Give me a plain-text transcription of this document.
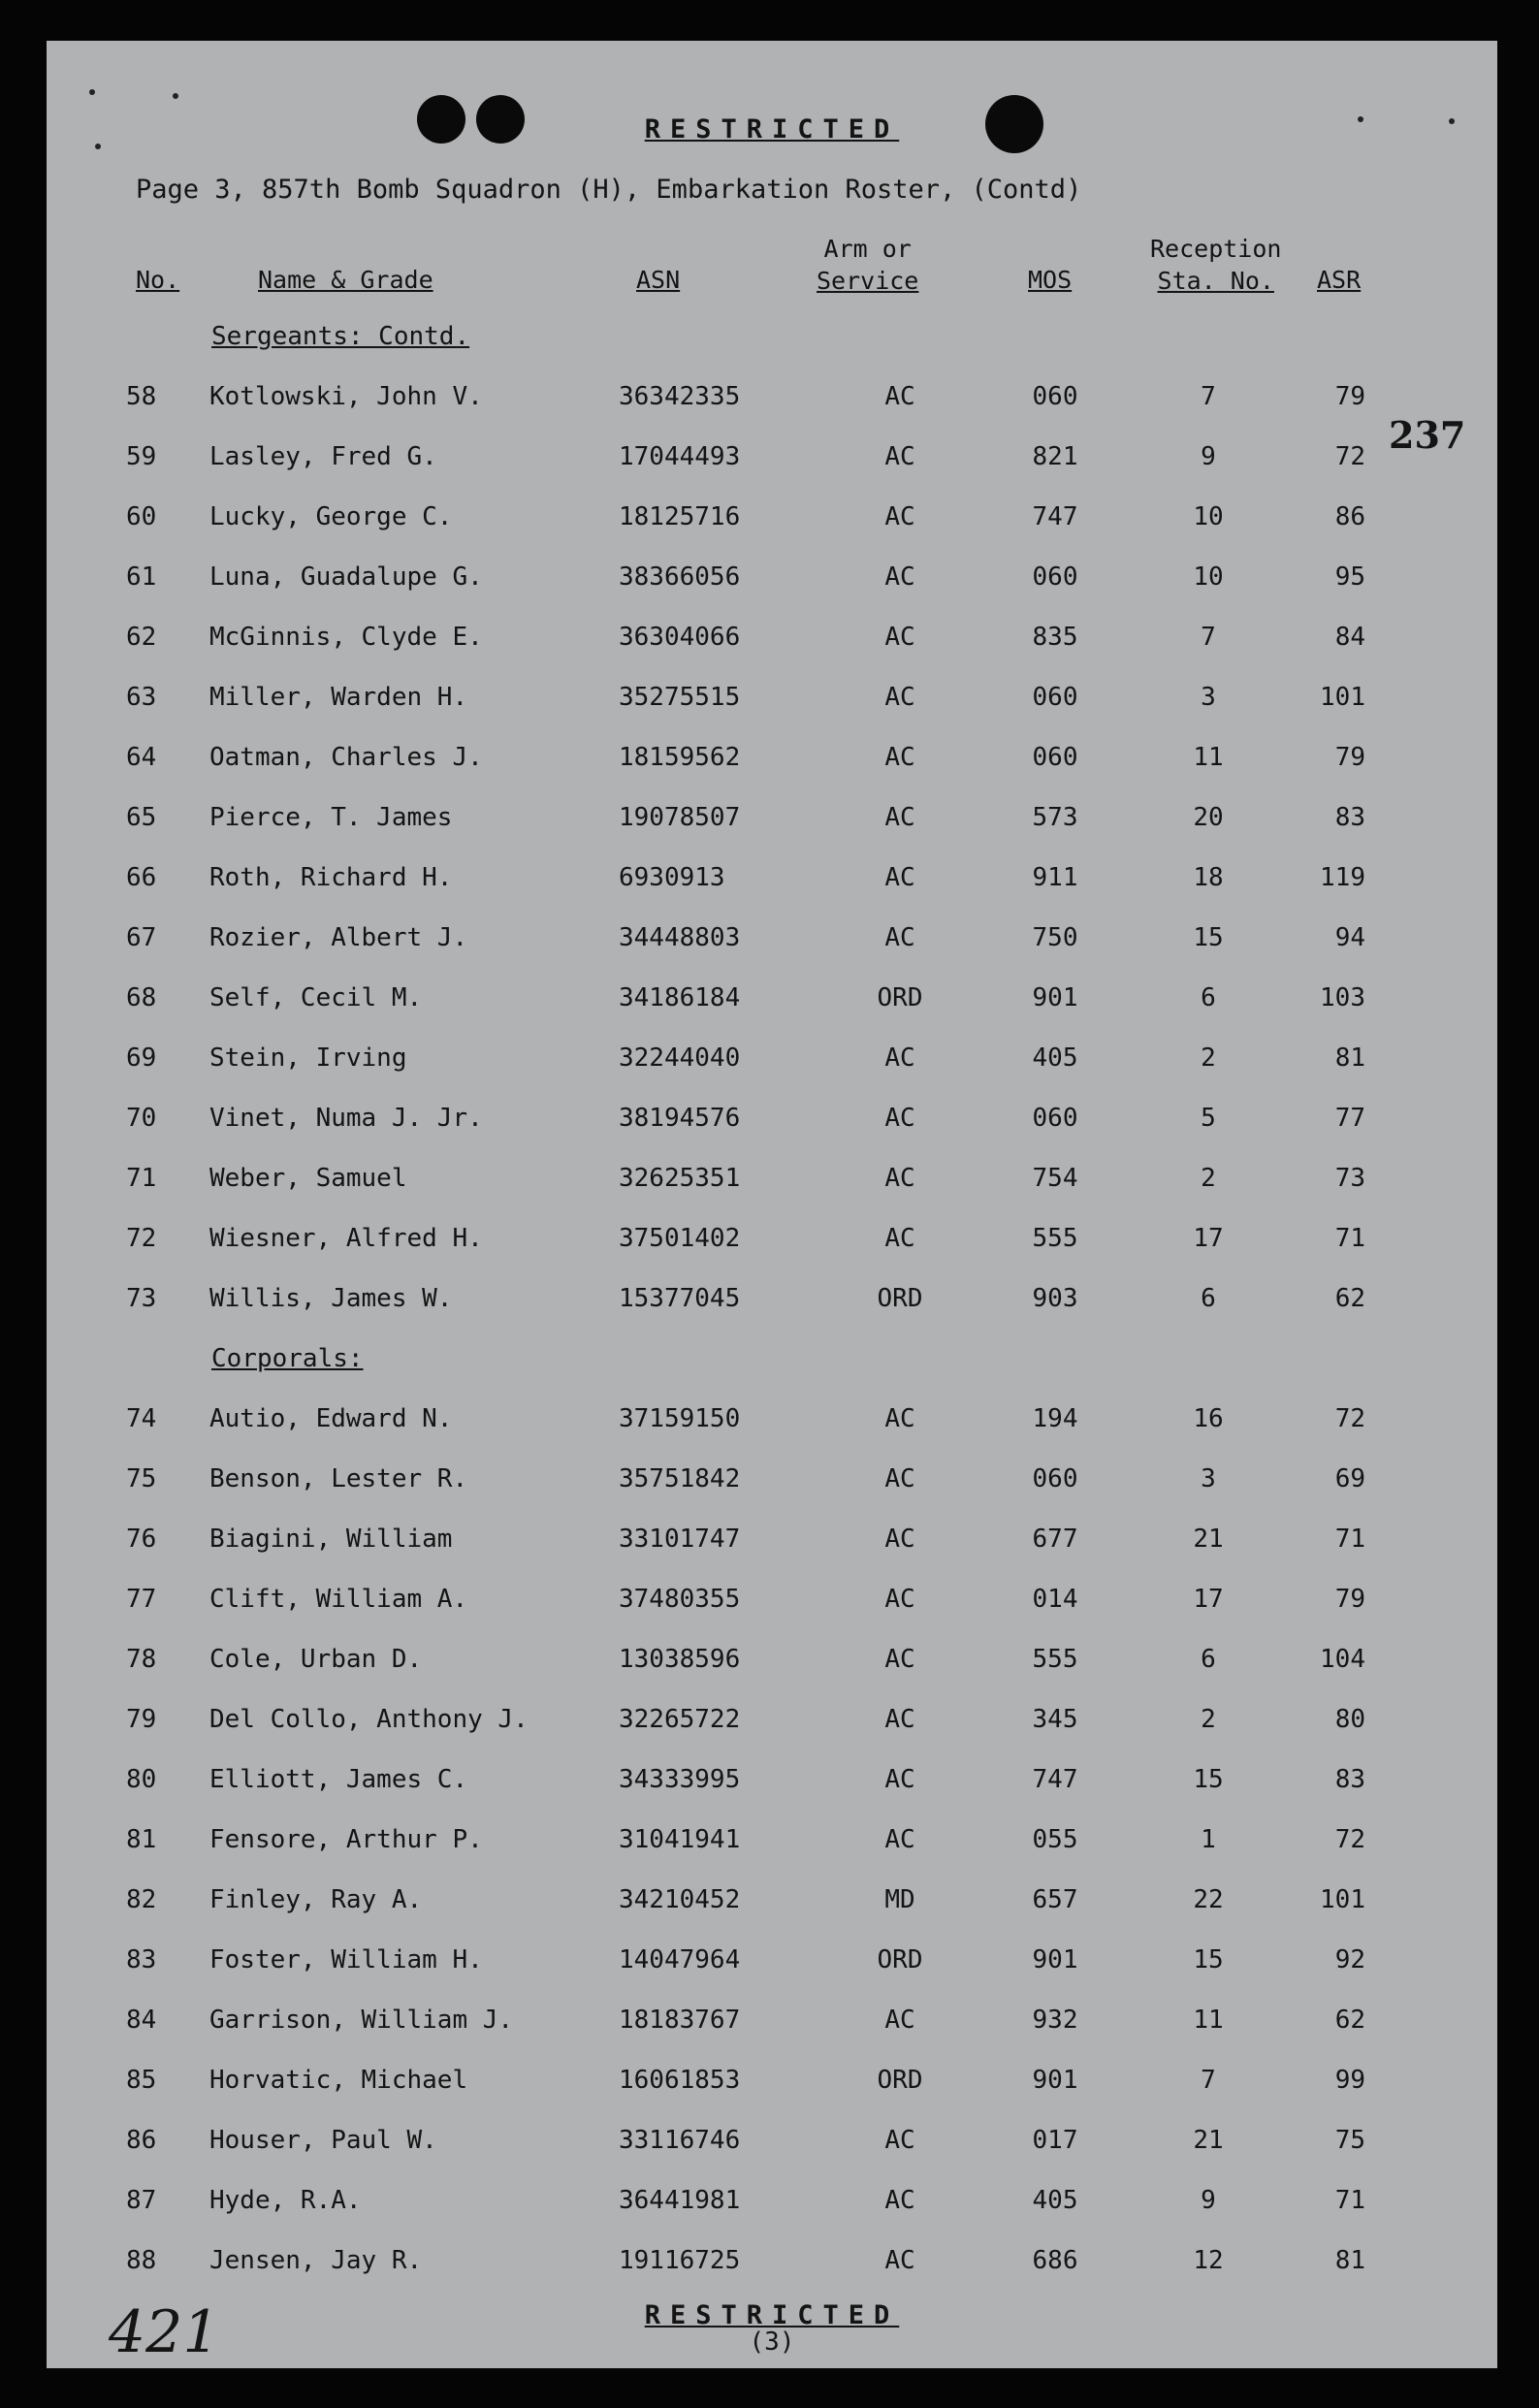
RESTRICTED
Page 3, 857th Bomb Squadron (H), Embarkation Roster, (Contd)
No.	Name & Grade	ASN
Arm or
Service	MOS
Reception
Sta. No.	ASR
Sergeants: Contd.
58 Kotlowski, John V.	36342335	AC	060	7	79
59 Lasley, Fred G.	17044493	AC	821	9	72
60 Lucky, George C.	18125716	AC	747	10	86
61 Luna, Guadalupe G.	38366056	AC	060	10	95
62 McGinnis, Clyde E.	36304066	AC	835	7	84
63 Miller, Warden H.	35275515	AC	060	3	101
64 Oatman, Charles J.	18159562	AC	060	11	79
65 Pierce, T. James	19078507	AC	573	20	83
66 Roth, Richard H.	6930913	AC	911	18	119
67 Rozier, Albert J.	34448803	AC	750	15	94
68 Self, Cecil M.	34186184	ORD	901	6	103
69 Stein, Irving	32244040	AC	405	2	81
70 Vinet, Numa J. Jr.	38194576	AC	060	5	77
71 Weber, Samuel	32625351	AC	754	2	73
72 Wiesner, Alfred H.	37501402	AC	555	17	71
73 Willis, James W.	15377045	ORD	903	6	62
Corporals:
74 Autio, Edward N.	37159150	AC	194	16	72
75 Benson, Lester R.	35751842	AC	060	3	69
76 Biagini, William	33101747	AC	677	21	71
77 Clift, William A.	37480355	AC	014	17	79
78 Cole, Urban D.	13038596	AC	555	6	104
79 Del Collo, Anthony J.	32265722	AC	345	2	80
80 Elliott, James C.	34333995	AC	747	15	83
81 Fensore, Arthur P.	31041941	AC	055	1	72
82 Finley, Ray A.	34210452	MD	657	22	101
83 Foster, William H.	14047964	ORD	901	15	92
84 Garrison, William J.	18183767	AC	932	11	62
85 Horvatic, Michael	16061853	ORD	901	7	99
86 Houser, Paul W.	33116746	AC	017	21	75
87 Hyde, R.A.	36441981	AC	405	9	71
88 Jensen, Jay R.	19116725	AC	686	12	81
237
421	RESTRICTED
(3)
